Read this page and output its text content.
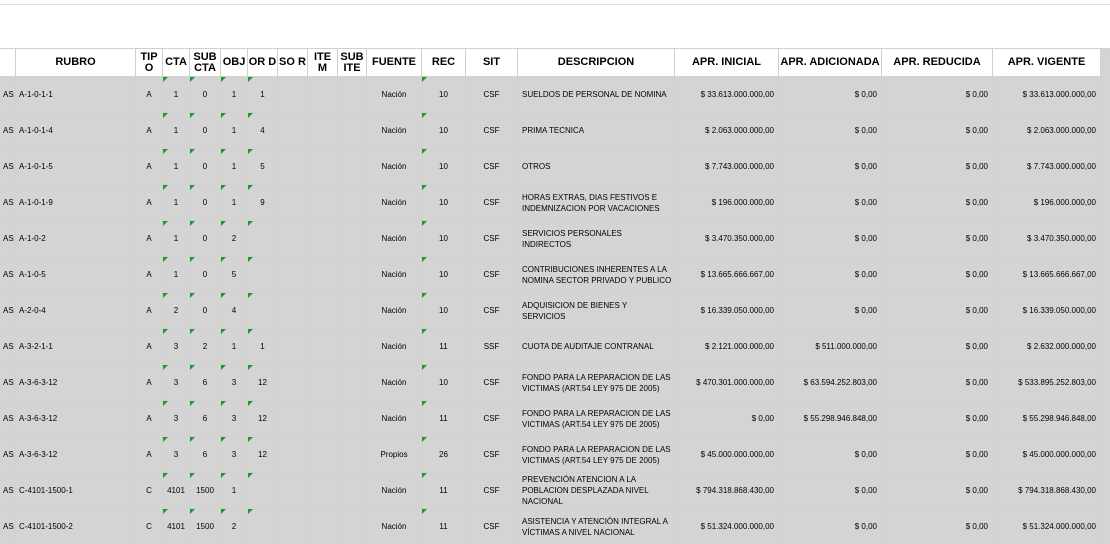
	RUBRO	TIP O	CTA	SUB CTA	OBJ	OR D	SO R	ITE M	SUB ITE	FUENTE	REC	SIT	DESCRIPCION	APR. INICIAL	APR. ADICIONADA	APR. REDUCIDA	APR. VIGENTE
AS	A-1-0-1-1	A	1	0	1	1				Nación	10	CSF	SUELDOS DE PERSONAL DE NOMINA	$ 33.613.000.000,00	$ 0,00	$ 0,00	$ 33.613.000.000,00
AS	A-1-0-1-4	A	1	0	1	4				Nación	10	CSF	PRIMA TECNICA	$ 2.063.000.000,00	$ 0,00	$ 0,00	$ 2.063.000.000,00
AS	A-1-0-1-5	A	1	0	1	5				Nación	10	CSF	OTROS	$ 7.743.000.000,00	$ 0,00	$ 0,00	$ 7.743.000.000,00
AS	A-1-0-1-9	A	1	0	1	9				Nación	10	CSF	HORAS EXTRAS, DIAS FESTIVOS E INDEMNIZACION POR VACACIONES	$ 196.000.000,00	$ 0,00	$ 0,00	$ 196.000.000,00
AS	A-1-0-2	A	1	0	2					Nación	10	CSF	SERVICIOS PERSONALES INDIRECTOS	$ 3.470.350.000,00	$ 0,00	$ 0,00	$ 3.470.350.000,00
AS	A-1-0-5	A	1	0	5					Nación	10	CSF	CONTRIBUCIONES INHERENTES A LA NOMINA SECTOR PRIVADO Y PUBLICO	$ 13.665.666.667,00	$ 0,00	$ 0,00	$ 13.665.666.667,00
AS	A-2-0-4	A	2	0	4					Nación	10	CSF	ADQUISICION DE BIENES Y SERVICIOS	$ 16.339.050.000,00	$ 0,00	$ 0,00	$ 16.339.050.000,00
AS	A-3-2-1-1	A	3	2	1	1				Nación	11	SSF	CUOTA DE AUDITAJE CONTRANAL	$ 2.121.000.000,00	$ 511.000.000,00	$ 0,00	$ 2.632.000.000,00
AS	A-3-6-3-12	A	3	6	3	12				Nación	10	CSF	FONDO PARA LA REPARACION DE LAS VICTIMAS (ART.54 LEY 975 DE 2005)	$ 470.301.000.000,00	$ 63.594.252.803,00	$ 0,00	$ 533.895.252.803,00
AS	A-3-6-3-12	A	3	6	3	12				Nación	11	CSF	FONDO PARA LA REPARACION DE LAS VICTIMAS (ART.54 LEY 975 DE 2005)	$ 0,00	$ 55.298.946.848,00	$ 0,00	$ 55.298.946.848,00
AS	A-3-6-3-12	A	3	6	3	12				Propios	26	CSF	FONDO PARA LA REPARACION DE LAS VICTIMAS (ART.54 LEY 975 DE 2005)	$ 45.000.000.000,00	$ 0,00	$ 0,00	$ 45.000.000.000,00
AS	C-4101-1500-1	C	4101	1500	1					Nación	11	CSF	PREVENCIÓN ATENCION A LA POBLACION DESPLAZADA NIVEL NACIONAL	$ 794.318.868.430,00	$ 0,00	$ 0,00	$ 794.318.868.430,00
AS	C-4101-1500-2	C	4101	1500	2					Nación	11	CSF	ASISTENCIA Y ATENCIÓN INTEGRAL A VÍCTIMAS A NIVEL NACIONAL	$ 51.324.000.000,00	$ 0,00	$ 0,00	$ 51.324.000.000,00
